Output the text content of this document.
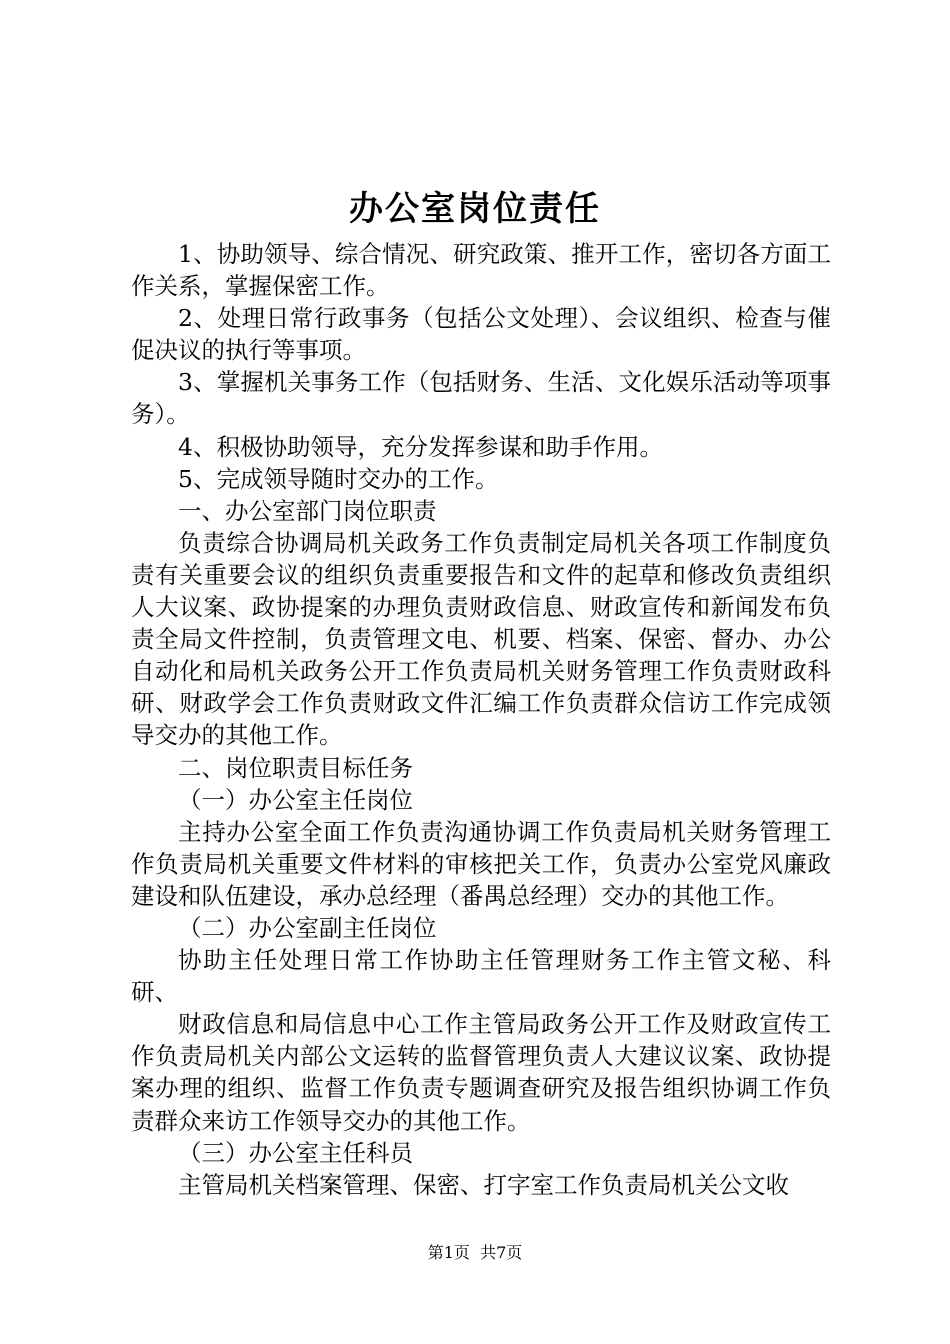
办公室岗位责任

1、协助领导、综合情况、研究政策、推开工作，密切各方面工作关系，掌握保密工作。

2、处理日常行政事务（包括公文处理）、会议组织、检查与催促决议的执行等事项。

3、掌握机关事务工作（包括财务、生活、文化娱乐活动等项事务）。

4、积极协助领导，充分发挥参谋和助手作用。

5、完成领导随时交办的工作。

一、办公室部门岗位职责

负责综合协调局机关政务工作负责制定局机关各项工作制度负责有关重要会议的组织负责重要报告和文件的起草和修改负责组织人大议案、政协提案的办理负责财政信息、财政宣传和新闻发布负责全局文件控制，负责管理文电、机要、档案、保密、督办、办公自动化和局机关政务公开工作负责局机关财务管理工作负责财政科研、财政学会工作负责财政文件汇编工作负责群众信访工作完成领导交办的其他工作。

二、岗位职责目标任务

（一）办公室主任岗位

主持办公室全面工作负责沟通协调工作负责局机关财务管理工作负责局机关重要文件材料的审核把关工作，负责办公室党风廉政建设和队伍建设，承办总经理（番禺总经理）交办的其他工作。

（二）办公室副主任岗位

协助主任处理日常工作协助主任管理财务工作主管文秘、科研、

财政信息和局信息中心工作主管局政务公开工作及财政宣传工作负责局机关内部公文运转的监督管理负责人大建议议案、政协提案办理的组织、监督工作负责专题调查研究及报告组织协调工作负责群众来访工作领导交办的其他工作。

（三）办公室主任科员

主管局机关档案管理、保密、打字室工作负责局机关公文收

第1页 共7页
